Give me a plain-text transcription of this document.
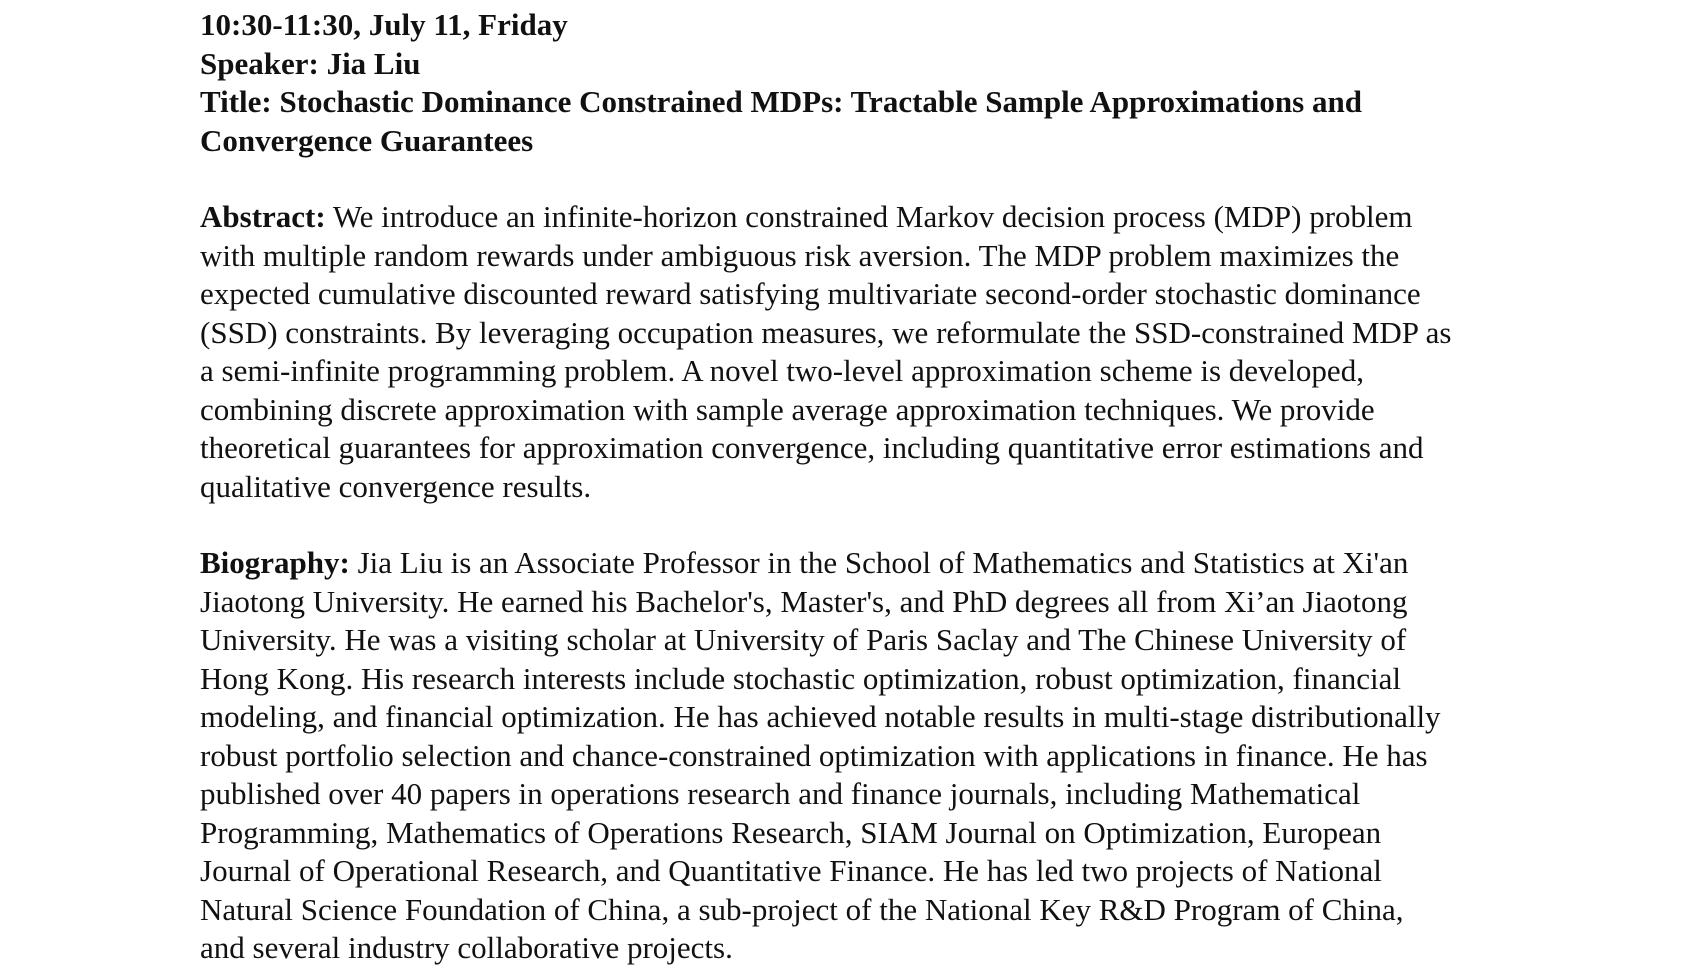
10:30-11:30, July 11, Friday

Speaker: Jia Liu

Title: Stochastic Dominance Constrained MDPs: Tractable Sample Approximations and
Convergence Guarantees
Abstract: We introduce an infinite-horizon constrained Markov decision process (MDP) problem
with multiple random rewards under ambiguous risk aversion. The MDP problem maximizes the
expected cumulative discounted reward satisfying multivariate second-order stochastic dominance
(SSD) constraints. By leveraging occupation measures, we reformulate the SSD-constrained MDP as
a semi-infinite programming problem. A novel two-level approximation scheme is developed,
combining discrete approximation with sample average approximation techniques. We provide
theoretical guarantees for approximation convergence, including quantitative error estimations and
qualitative convergence results.
Biography: Jia Liu is an Associate Professor in the School of Mathematics and Statistics at Xi'an
Jiaotong University. He earned his Bachelor's, Master's, and PhD degrees all from Xi’an Jiaotong
University. He was a visiting scholar at University of Paris Saclay and The Chinese University of
Hong Kong. His research interests include stochastic optimization, robust optimization, financial
modeling, and financial optimization. He has achieved notable results in multi-stage distributionally
robust portfolio selection and chance-constrained optimization with applications in finance. He has
published over 40 papers in operations research and finance journals, including Mathematical
Programming, Mathematics of Operations Research, SIAM Journal on Optimization, European
Journal of Operational Research, and Quantitative Finance. He has led two projects of National
Natural Science Foundation of China, a sub-project of the National Key R&D Program of China,
and several industry collaborative projects.
